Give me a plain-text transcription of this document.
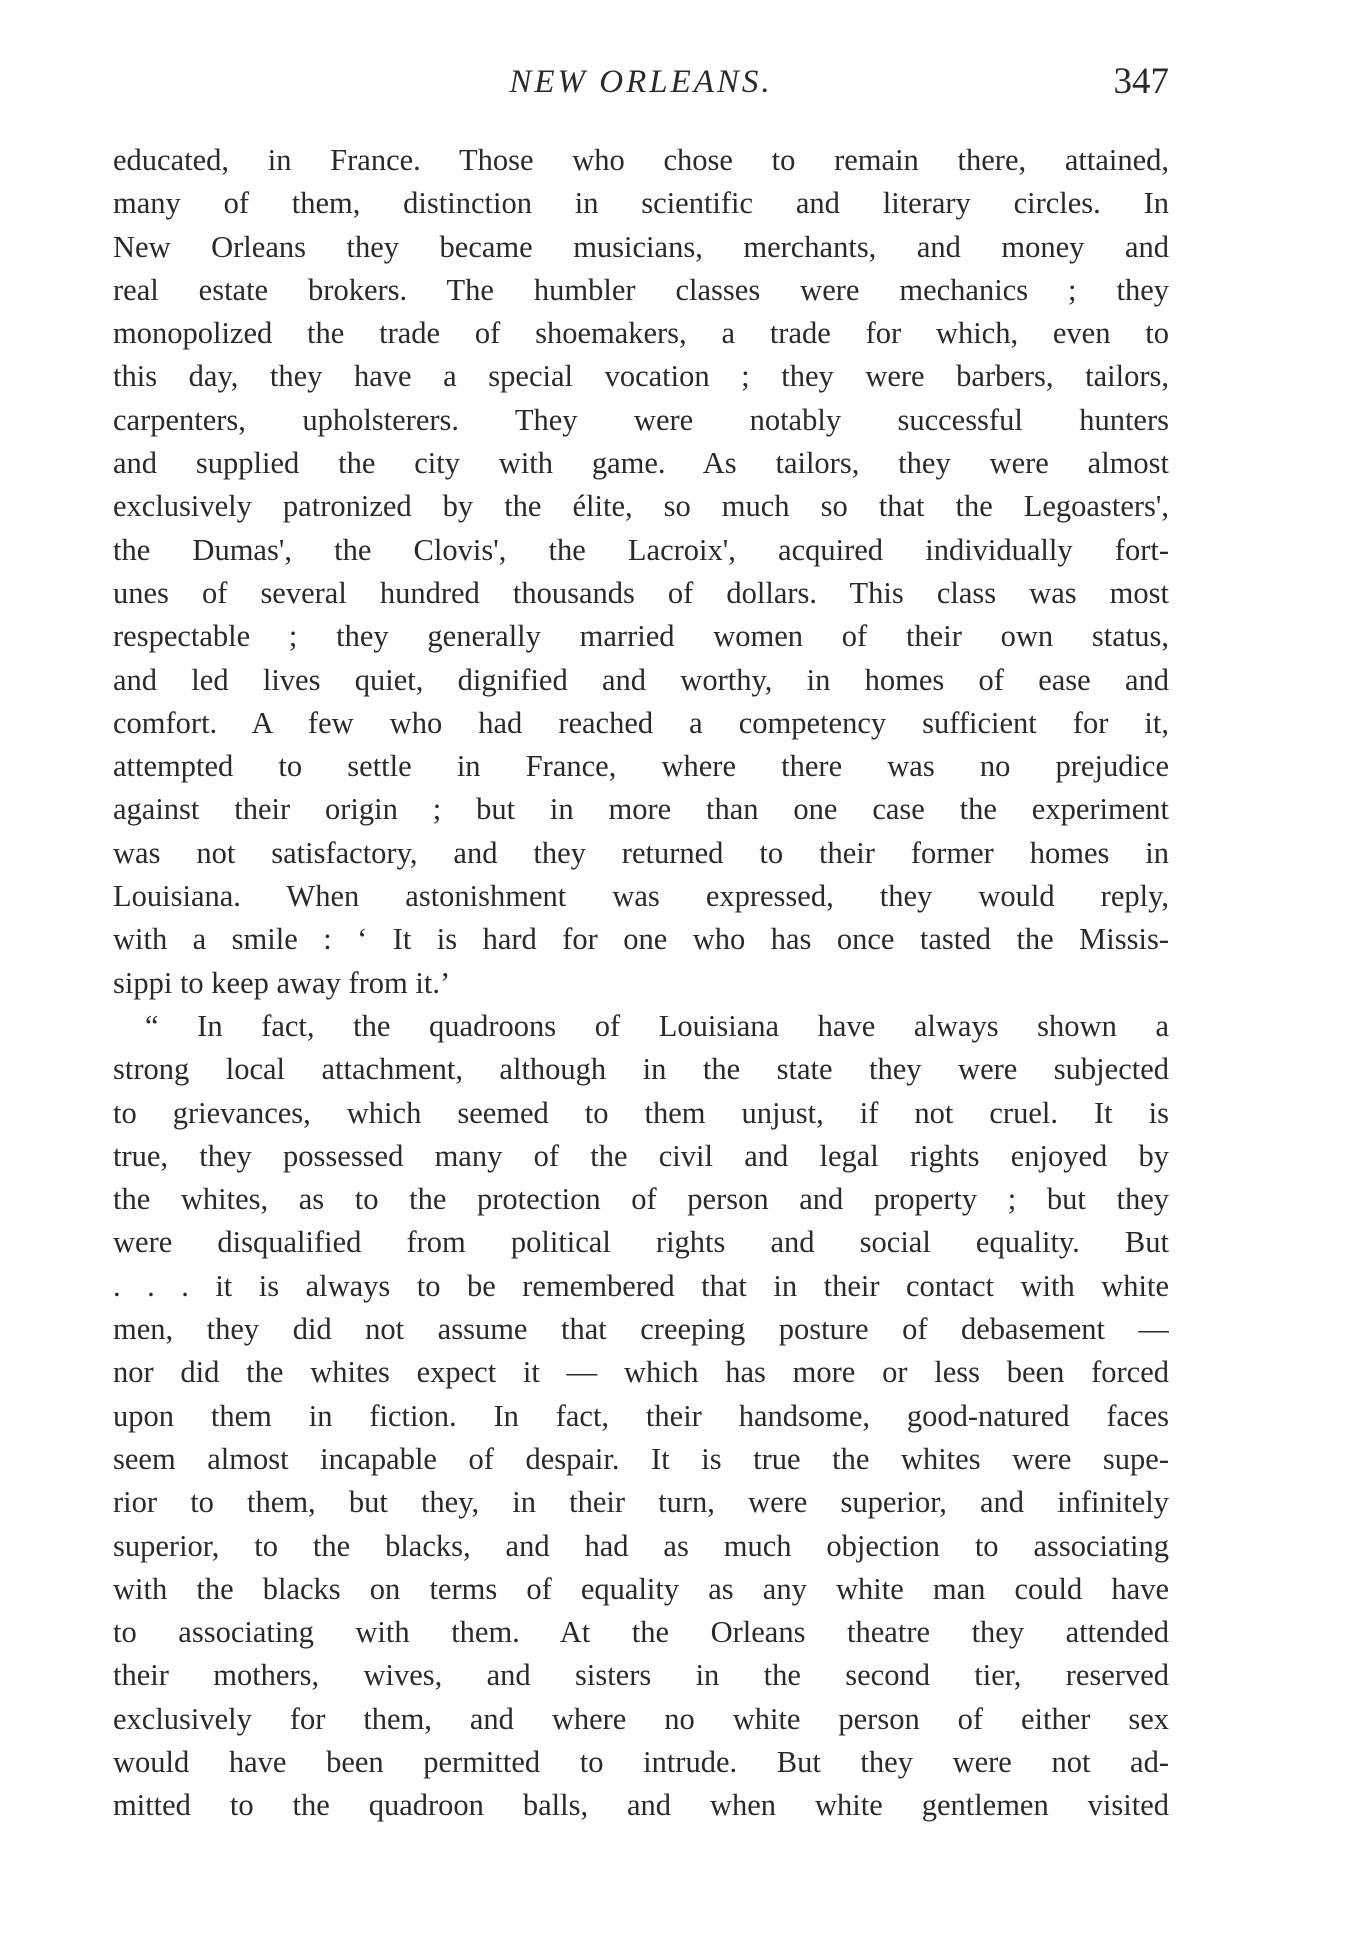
NEW ORLEANS.	347
educated, in France. Those who chose to remain there, attained,
many of them, distinction in scientific and literary circles. In
New Orleans they became musicians, merchants, and money and
real estate brokers. The humbler classes were mechanics ; they
monopolized the trade of shoemakers, a trade for which, even to
this day, they have a special vocation ; they were barbers, tailors,
carpenters, upholsterers. They were notably successful hunters
and supplied the city with game. As tailors, they were almost
exclusively patronized by the élite, so much so that the Legoasters',
the Dumas', the Clovis', the Lacroix', acquired individually fort-
unes of several hundred thousands of dollars. This class was most
respectable ; they generally married women of their own status,
and led lives quiet, dignified and worthy, in homes of ease and
comfort. A few who had reached a competency sufficient for it,
attempted to settle in France, where there was no prejudice
against their origin ; but in more than one case the experiment
was not satisfactory, and they returned to their former homes in
Louisiana. When astonishment was expressed, they would reply,
with a smile : ‘ It is hard for one who has once tasted the Missis-
sippi to keep away from it.’
“ In fact, the quadroons of Louisiana have always shown a
strong local attachment, although in the state they were subjected
to grievances, which seemed to them unjust, if not cruel. It is
true, they possessed many of the civil and legal rights enjoyed by
the whites, as to the protection of person and property ; but they
were disqualified from political rights and social equality. But
. . . it is always to be remembered that in their contact with white
men, they did not assume that creeping posture of debasement —
nor did the whites expect it — which has more or less been forced
upon them in fiction. In fact, their handsome, good-natured faces
seem almost incapable of despair. It is true the whites were supe-
rior to them, but they, in their turn, were superior, and infinitely
superior, to the blacks, and had as much objection to associating
with the blacks on terms of equality as any white man could have
to associating with them. At the Orleans theatre they attended
their mothers, wives, and sisters in the second tier, reserved
exclusively for them, and where no white person of either sex
would have been permitted to intrude. But they were not ad-
mitted to the quadroon balls, and when white gentlemen visited
